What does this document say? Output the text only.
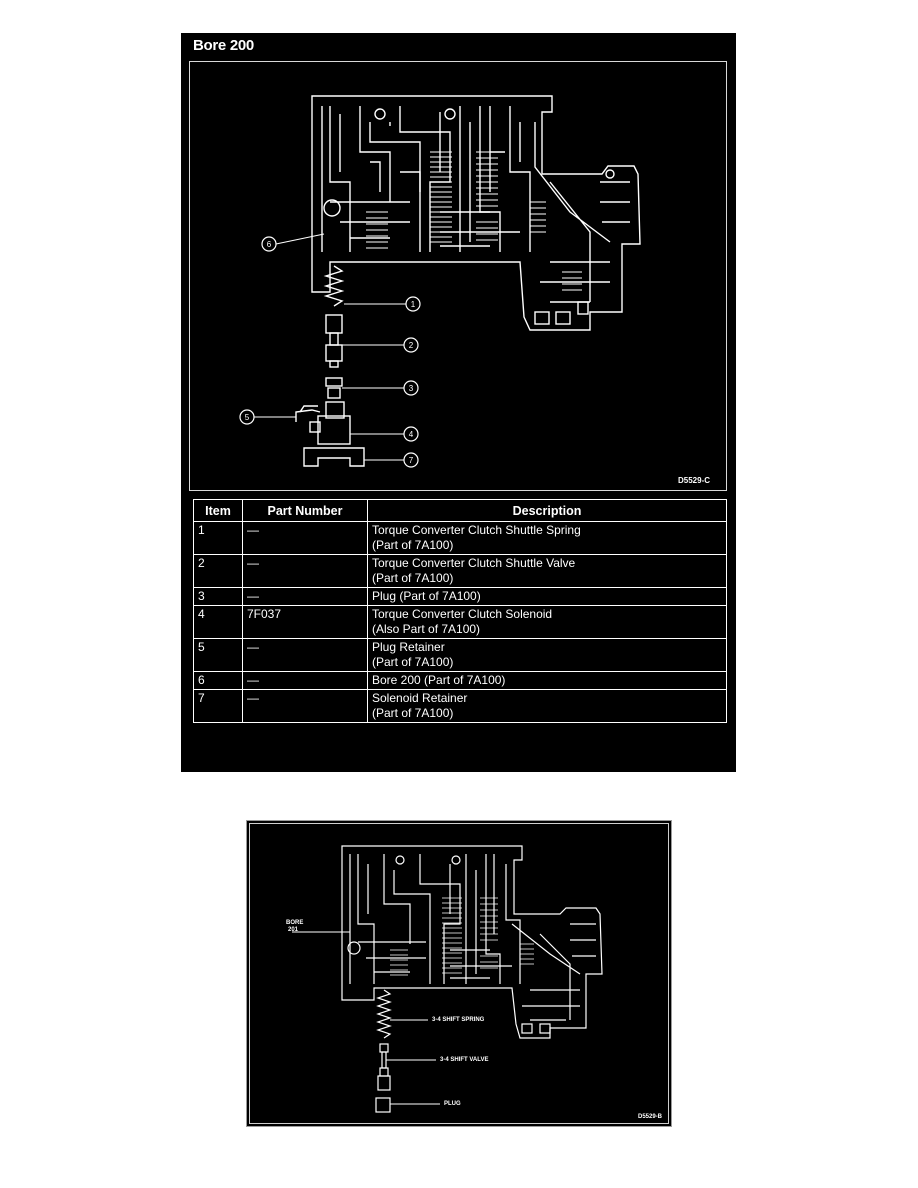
Bore 200
1
2
3
4
5
6
7
D5529-C
Item	Part Number	Description
1	—	Torque Converter Clutch Shuttle Spring
(Part of 7A100)

2	—	Torque Converter Clutch Shuttle Valve
(Part of 7A100)

3	—	Plug (Part of 7A100)

4	7F037	Torque Converter Clutch Solenoid
(Also Part of 7A100)

5	—	Plug Retainer
(Part of 7A100)

6	—	Bore 200 (Part of 7A100)

7	—	Solenoid Retainer
(Part of 7A100)
BORE
201
3-4 SHIFT SPRING
3-4 SHIFT VALVE
PLUG
D5529-B
